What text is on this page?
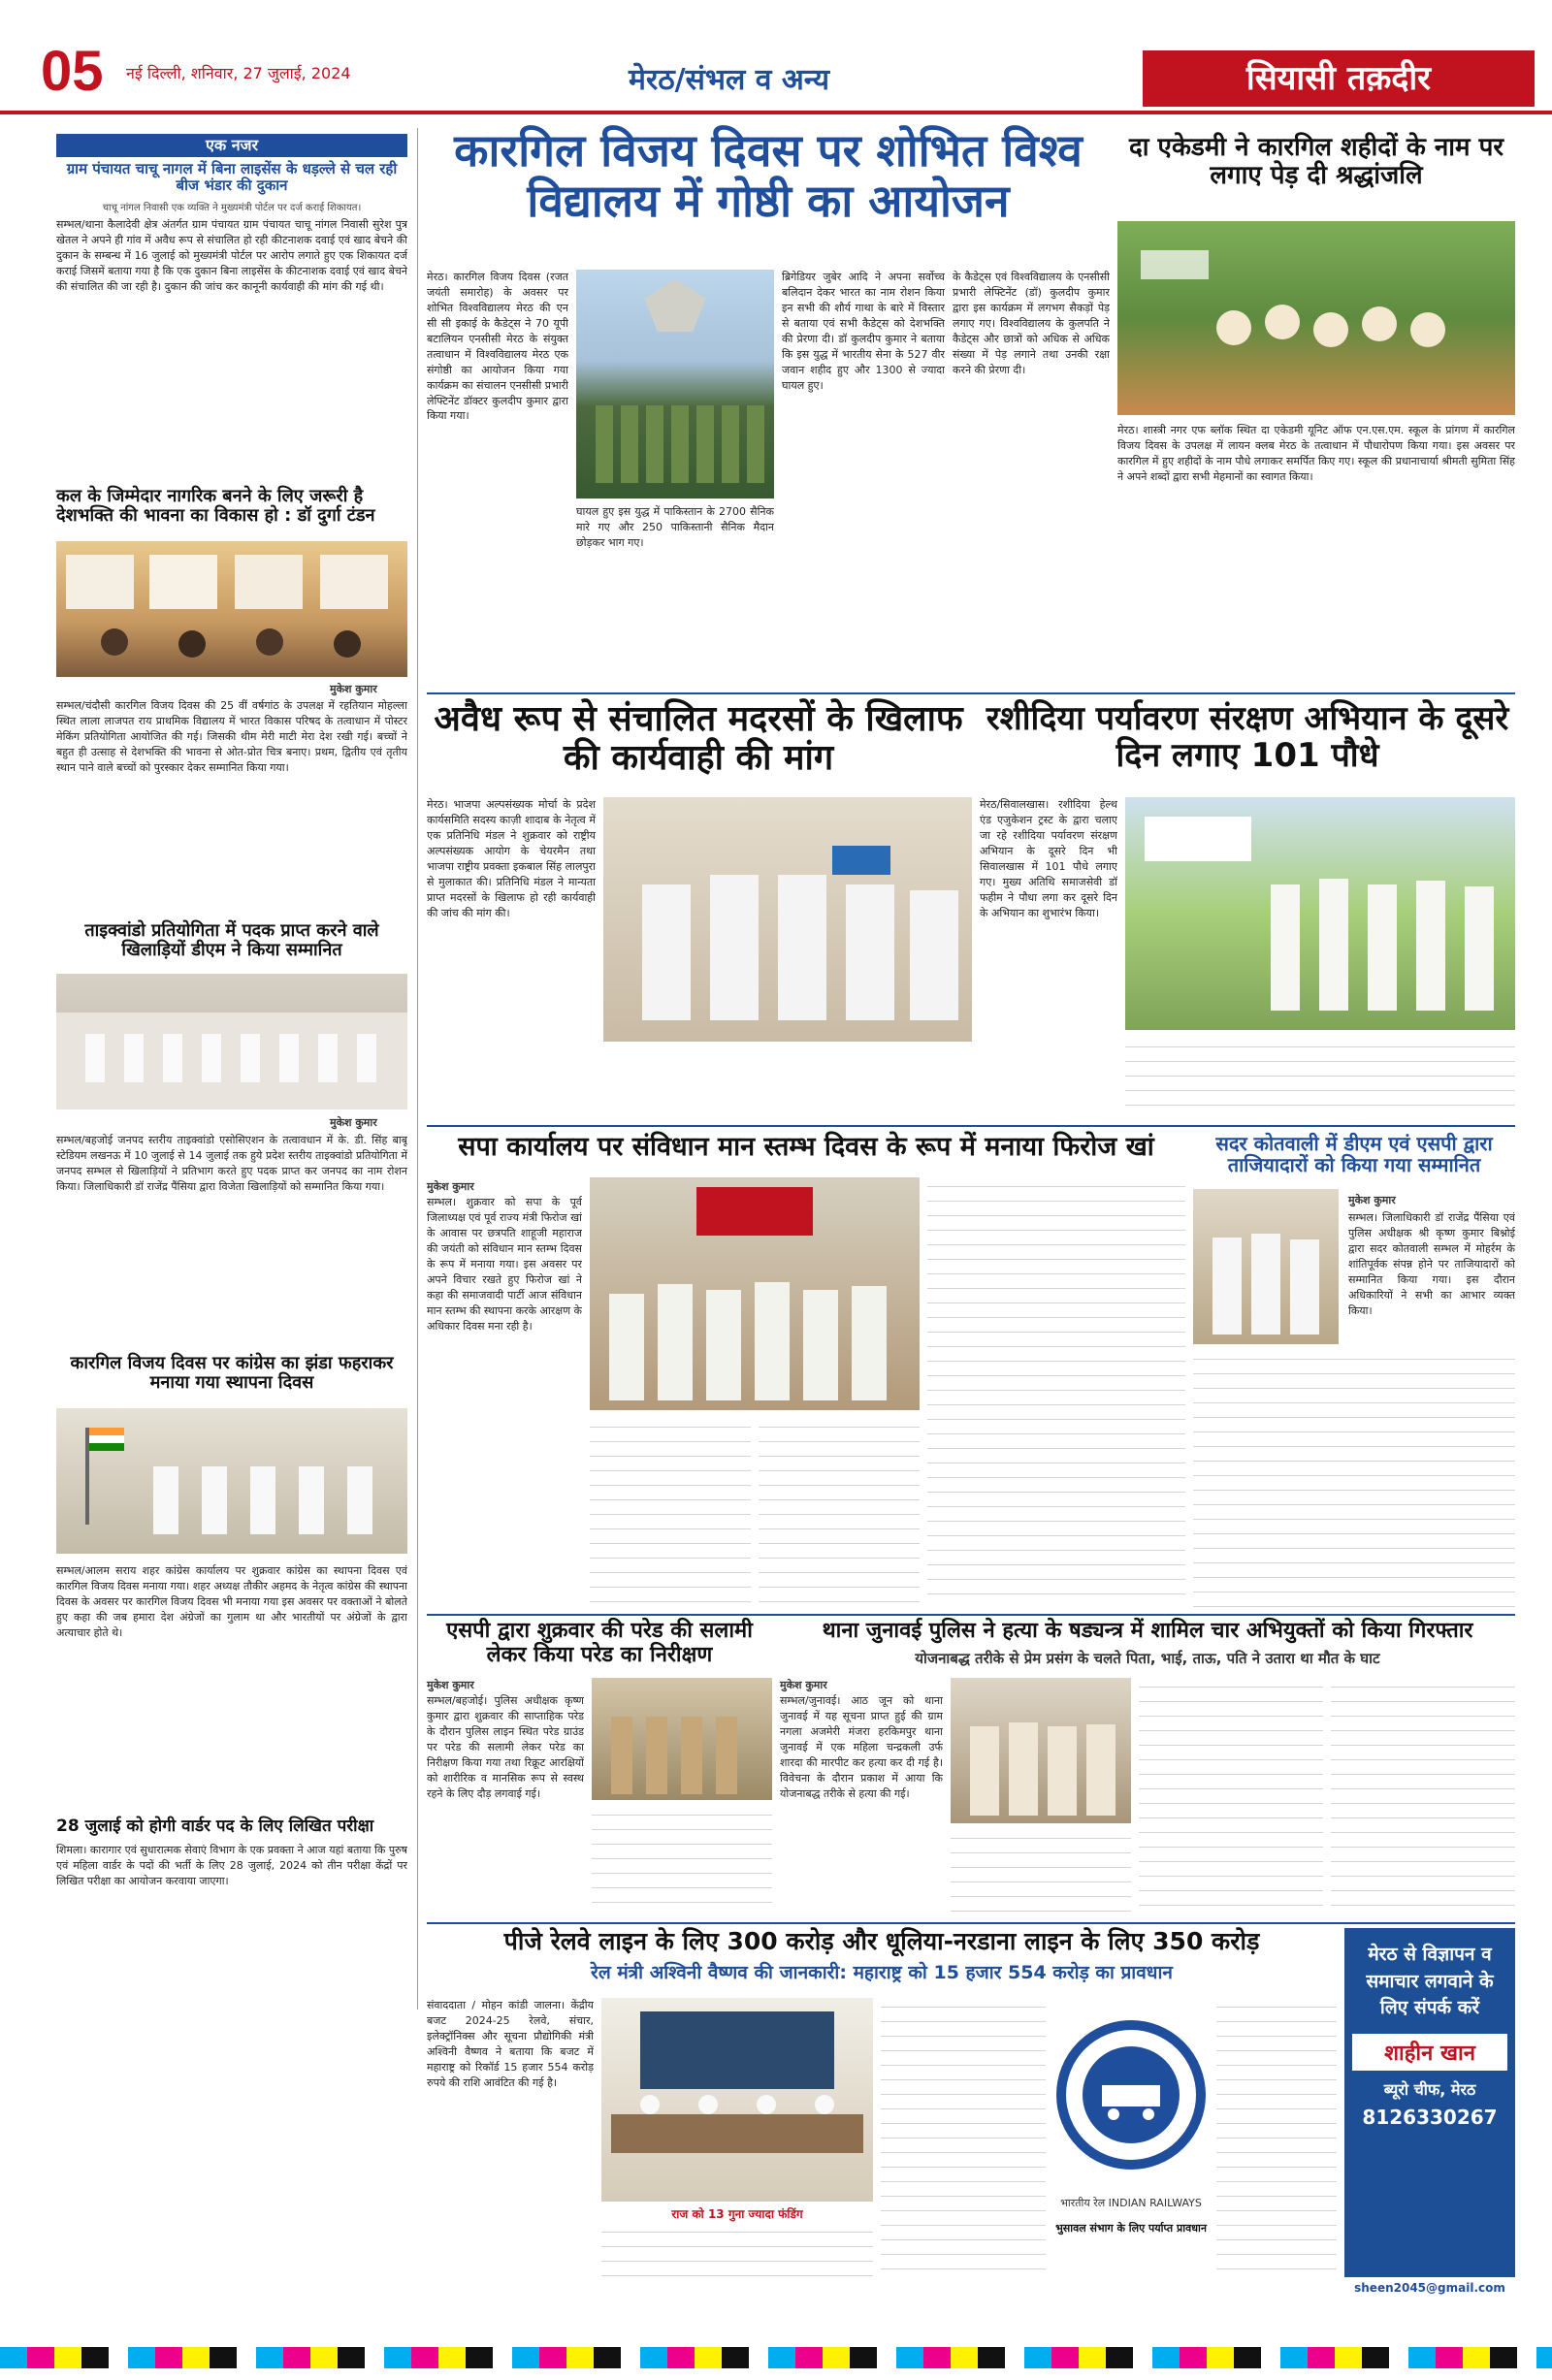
05 नई दिल्ली, शनिवार, 27 जुलाई, 2024	मेरठ/संभल व अन्य	सियासी तक़दीर
एक नजर
ग्राम पंचायत चाचू नागल में बिना लाइसेंस के धड़ल्ले से चल रही बीज भंडार की दुकान
चाचू नांगल निवासी एक व्यक्ति ने मुख्यमंत्री पोर्टल पर दर्ज कराई शिकायत।
सम्भल/थाना कैलादेवी क्षेत्र अंतर्गत ग्राम पंचायत ग्राम पंचायत चाचू नांगल निवासी सुरेश पुत्र खेतल ने अपने ही गांव में अवैध रूप से संचालित हो रही कीटनाशक दवाई एवं खाद बेचने की दुकान के सम्बन्ध में 16 जुलाई को मुख्यमंत्री पोर्टल पर आरोप लगाते हुए एक शिकायत दर्ज कराई जिसमें बताया गया है कि एक दुकान बिना लाइसेंस के कीटनाशक दवाई एवं खाद बेचने की संचालित की जा रही है। दुकान की जांच कर कानूनी कार्यवाही की मांग की गई थी।
कल के जिम्मेदार नागरिक बनने के लिए जरूरी है देशभक्ति की भावना का विकास हो : डॉ दुर्गा टंडन
मुकेश कुमार
सम्भल/चंदौसी कारगिल विजय दिवस की 25 वीं वर्षगांठ के उपलक्ष में रहतियान मोहल्ला स्थित लाला लाजपत राय प्राथमिक विद्यालय में भारत विकास परिषद के तत्वाधान में पोस्टर मेकिंग प्रतियोगिता आयोजित की गई। जिसकी थीम मेरी माटी मेरा देश रखी गई। बच्चों ने बहुत ही उत्साह से देशभक्ति की भावना से ओत-प्रोत चित्र बनाए। प्रथम, द्वितीय एवं तृतीय स्थान पाने वाले बच्चों को पुरस्कार देकर सम्मानित किया गया।
ताइक्वांडो प्रतियोगिता में पदक प्राप्त करने वाले खिलाड़ियों डीएम ने किया सम्मानित
मुकेश कुमार
सम्भल/बहजोई जनपद स्तरीय ताइक्वांडो एसोसिएशन के तत्वावधान में के. डी. सिंह बाबू स्टेडियम लखनऊ में 10 जुलाई से 14 जुलाई तक हुये प्रदेश स्तरीय ताइक्वांडो प्रतियोगिता में जनपद सम्भल से खिलाड़ियों ने प्रतिभाग करते हुए पदक प्राप्त कर जनपद का नाम रोशन किया। जिलाधिकारी डॉ राजेंद्र पैंसिया द्वारा विजेता खिलाड़ियों को सम्मानित किया गया।
कारगिल विजय दिवस पर कांग्रेस का झंडा फहराकर मनाया गया स्थापना दिवस
सम्भल/आलम सराय शहर कांग्रेस कार्यालय पर शुक्रवार कांग्रेस का स्थापना दिवस एवं कारगिल विजय दिवस मनाया गया। शहर अध्यक्ष तौकीर अहमद के नेतृत्व कांग्रेस की स्थापना दिवस के अवसर पर कारगिल विजय दिवस भी मनाया गया इस अवसर पर वक्ताओं ने बोलते हुए कहा की जब हमारा देश अंग्रेजों का गुलाम था और भारतीयों पर अंग्रेजों के द्वारा अत्याचार होते थे।
28 जुलाई को होगी वार्डर पद के लिए लिखित परीक्षा
शिमला। कारागार एवं सुधारात्मक सेवाएं विभाग के एक प्रवक्ता ने आज यहां बताया कि पुरुष एवं महिला वार्डर के पदों की भर्ती के लिए 28 जुलाई, 2024 को तीन परीक्षा केंद्रों पर लिखित परीक्षा का आयोजन करवाया जाएगा।
कारगिल विजय दिवस पर शोभित विश्व विद्यालय में गोष्ठी का आयोजन
मेरठ। कारगिल विजय दिवस (रजत जयंती समारोह) के अवसर पर शोभित विश्वविद्यालय मेरठ की एन सी सी इकाई के कैडेट्स ने 70 यूपी बटालियन एनसीसी मेरठ के संयुक्त तत्वाधान में विश्वविद्यालय मेरठ एक संगोष्ठी का आयोजन किया गया कार्यक्रम का संचालन एनसीसी प्रभारी लेफ्टिनेंट डॉक्टर कुलदीप कुमार द्वारा किया गया।
घायल हुए इस युद्ध में पाकिस्तान के 2700 सैनिक मारे गए और 250 पाकिस्तानी सैनिक मैदान छोड़कर भाग गए।
ब्रिगेडियर जुबेर आदि ने अपना सर्वोच्च बलिदान देकर भारत का नाम रोशन किया इन सभी की शौर्य गाथा के बारे में विस्तार से बताया एवं सभी कैडेट्स को देशभक्ति की प्रेरणा दी। डॉ कुलदीप कुमार ने बताया कि इस युद्ध में भारतीय सेना के 527 वीर जवान शहीद हुए और 1300 से ज्यादा घायल हुए।
के कैडेट्स एवं विश्वविद्यालय के एनसीसी प्रभारी लेफ्टिनेंट (डॉ) कुलदीप कुमार द्वारा इस कार्यक्रम में लगभग सैकड़ों पेड़ लगाए गए। विश्वविद्यालय के कुलपति ने कैडेट्स और छात्रों को अधिक से अधिक संख्या में पेड़ लगाने तथा उनकी रक्षा करने की प्रेरणा दी।
दा एकेडमी ने कारगिल शहीदों के नाम पर लगाए पेड़ दी श्रद्धांजलि
मेरठ। शास्त्री नगर एफ ब्लॉक स्थित दा एकेडमी यूनिट ऑफ एन.एस.एम. स्कूल के प्रांगण में कारगिल विजय दिवस के उपलक्ष में लायन क्लब मेरठ के तत्वाधान में पौधारोपण किया गया। इस अवसर पर कारगिल में हुए शहीदों के नाम पौधे लगाकर समर्पित किए गए। स्कूल की प्रधानाचार्या श्रीमती सुमिता सिंह ने अपने शब्दों द्वारा सभी मेहमानों का स्वागत किया।
अवैध रूप से संचालित मदरसों के खिलाफ की कार्यवाही की मांग
मेरठ। भाजपा अल्पसंख्यक मोर्चा के प्रदेश कार्यसमिति सदस्य काज़ी शादाब के नेतृत्व में एक प्रतिनिधि मंडल ने शुक्रवार को राष्ट्रीय अल्पसंख्यक आयोग के चेयरमैन तथा भाजपा राष्ट्रीय प्रवक्ता इकबाल सिंह लालपुरा से मुलाकात की। प्रतिनिधि मंडल ने मान्यता प्राप्त मदरसों के खिलाफ हो रही कार्यवाही की जांच की मांग की।
रशीदिया पर्यावरण संरक्षण अभियान के दूसरे दिन लगाए 101 पौधे
मेरठ/सिवालखास। रशीदिया हेल्थ एंड एजुकेशन ट्रस्ट के द्वारा चलाए जा रहे रशीदिया पर्यावरण संरक्षण अभियान के दूसरे दिन भी सिवालखास में 101 पौधे लगाए गए। मुख्य अतिथि समाजसेवी डॉ फहीम ने पौधा लगा कर दूसरे दिन के अभियान का शुभारंभ किया।
सपा कार्यालय पर संविधान मान स्तम्भ दिवस के रूप में मनाया फिरोज खां
मुकेश कुमार
सम्भल। शुक्रवार को सपा के पूर्व जिलाध्यक्ष एवं पूर्व राज्य मंत्री फिरोज खां के आवास पर छत्रपति शाहूजी महाराज की जयंती को संविधान मान स्तम्भ दिवस के रूप में मनाया गया। इस अवसर पर अपने विचार रखते हुए फिरोज खां ने कहा की समाजवादी पार्टी आज संविधान मान स्तम्भ की स्थापना करके आरक्षण के अधिकार दिवस मना रही है।
सदर कोतवाली में डीएम एवं एसपी द्वारा ताजियादारों को किया गया सम्मानित
मुकेश कुमार
सम्भल। जिलाधिकारी डॉ राजेंद्र पैंसिया एवं पुलिस अधीक्षक श्री कृष्ण कुमार बिश्नोई द्वारा सदर कोतवाली सम्भल में मोहर्रम के शांतिपूर्वक संपन्न होने पर ताजियादारों को सम्मानित किया गया। इस दौरान अधिकारियों ने सभी का आभार व्यक्त किया।
एसपी द्वारा शुक्रवार की परेड की सलामी लेकर किया परेड का निरीक्षण
मुकेश कुमार
सम्भल/बहजोई। पुलिस अधीक्षक कृष्ण कुमार द्वारा शुक्रवार की साप्ताहिक परेड के दौरान पुलिस लाइन स्थित परेड ग्राउंड पर परेड की सलामी लेकर परेड का निरीक्षण किया गया तथा रिक्रूट आरक्षियों को शारीरिक व मानसिक रूप से स्वस्थ रहने के लिए दौड़ लगवाई गई।
थाना जुनावई पुलिस ने हत्या के षड्यन्त्र में शामिल चार अभियुक्तों को किया गिरफ्तार
योजनाबद्ध तरीके से प्रेम प्रसंग के चलते पिता, भाई, ताऊ, पति ने उतारा था मौत के घाट
मुकेश कुमार
सम्भल/जुनावई। आठ जून को थाना जुनावई में यह सूचना प्राप्त हुई की ग्राम नगला अजमेरी मंजरा हरकिमपुर थाना जुनावई में एक महिला चन्द्रकली उर्फ शारदा की मारपीट कर हत्या कर दी गई है। विवेचना के दौरान प्रकाश में आया कि योजनाबद्ध तरीके से हत्या की गई।
पीजे रेलवे लाइन के लिए 300 करोड़ और धूलिया-नरडाना लाइन के लिए 350 करोड़
रेल मंत्री अश्विनी वैष्णव की जानकारी: महाराष्ट्र को 15 हजार 554 करोड़ का प्रावधान
संवाददाता / मोहन कांडी जालना। केंद्रीय बजट 2024-25 रेलवे, संचार, इलेक्ट्रॉनिक्स और सूचना प्रौद्योगिकी मंत्री अश्विनी वैष्णव ने बताया कि बजट में महाराष्ट्र को रिकॉर्ड 15 हजार 554 करोड़ रुपये की राशि आवंटित की गई है।
राज को 13 गुना ज्यादा फंडिंग
भारतीय रेल INDIAN RAILWAYS
भुसावल संभाग के लिए पर्याप्त प्रावधान
मेरठ से विज्ञापन व समाचार लगवाने के लिए संपर्क करें
शाहीन खान
ब्यूरो चीफ, मेरठ
8126330267
sheen2045@gmail.com
